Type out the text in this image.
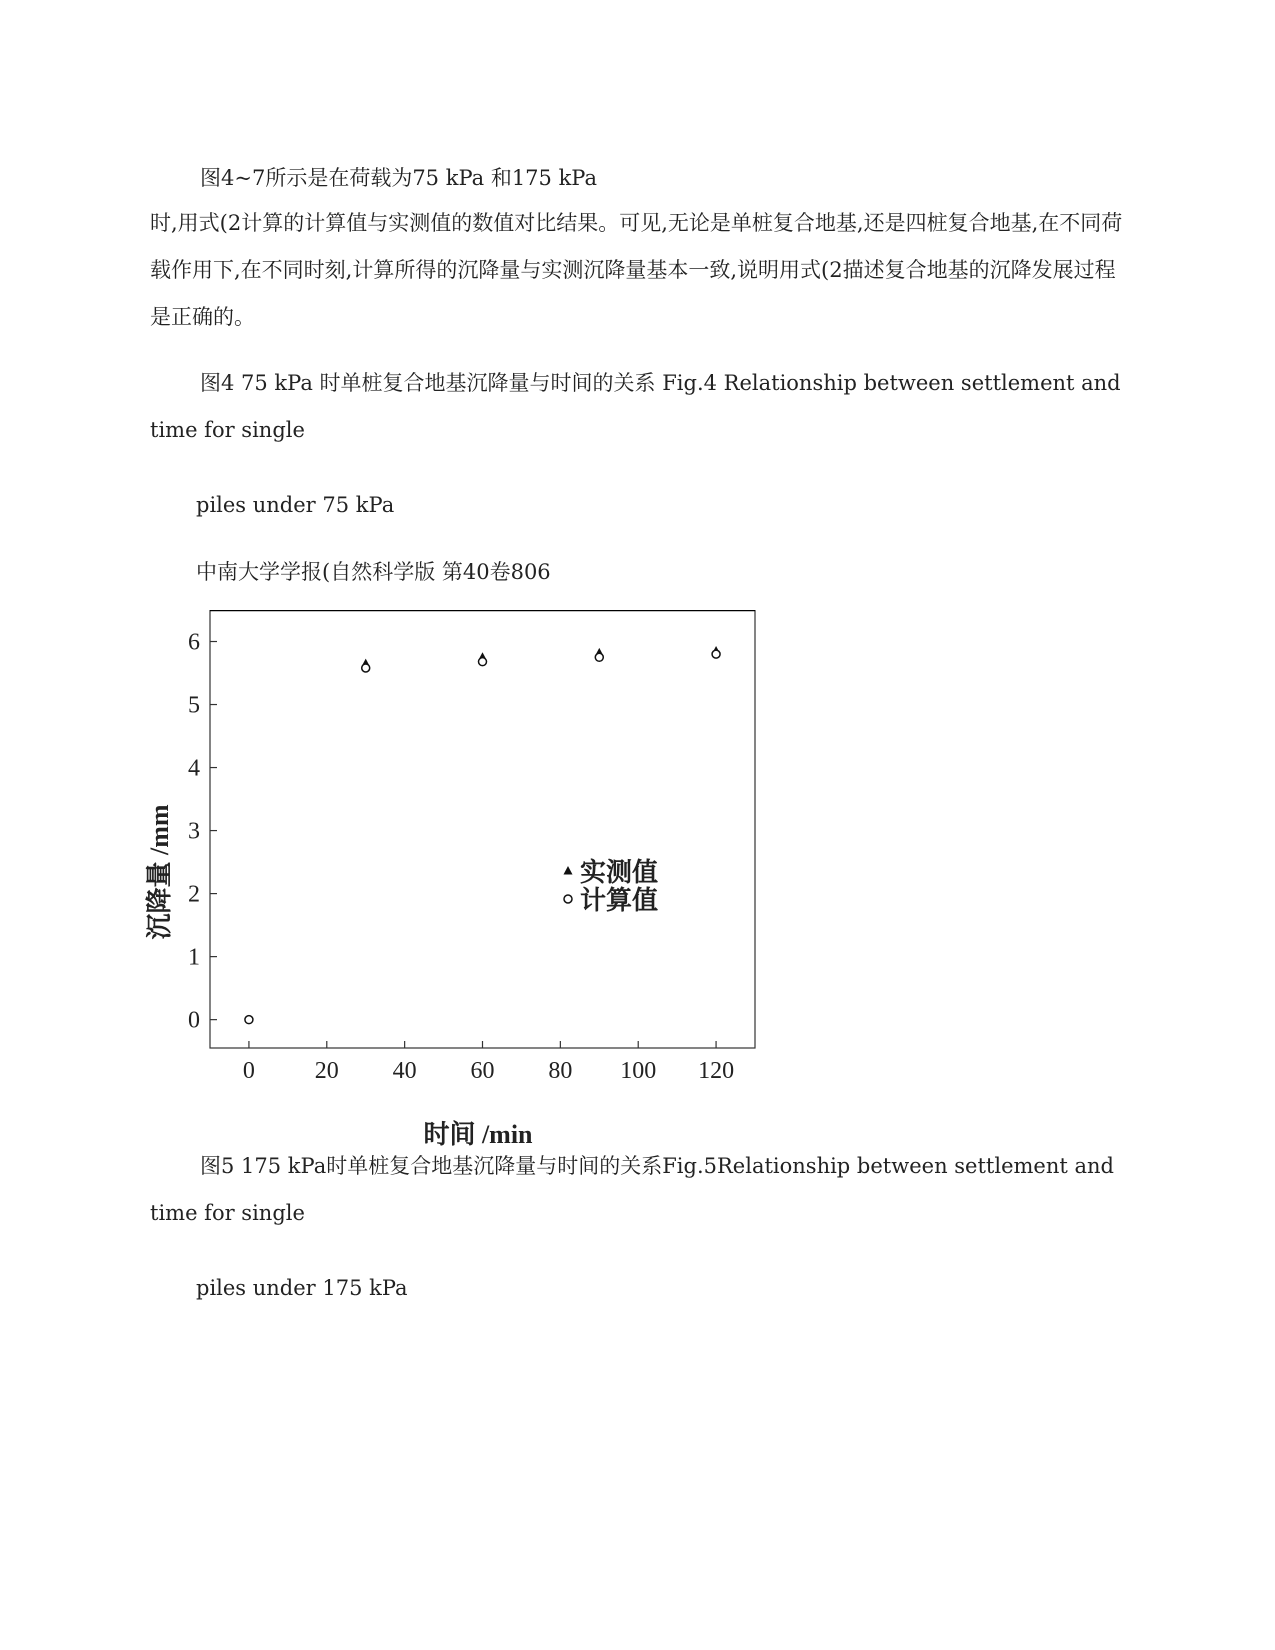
图4~7所示是在荷载为75 kPa 和175 kPa

时,用式(2计算的计算值与实测值的数值对比结果。可见,无论是单桩复合地基,还是四桩复合地基,在不同荷载作用下,在不同时刻,计算所得的沉降量与实测沉降量基本一致,说明用式(2描述复合地基的沉降发展过程是正确的。

图4 75 kPa 时单桩复合地基沉降量与时间的关系 Fig.4 Relationship between settlement and time for single

piles under 75 kPa
中南大学学报(自然科学版 第40卷806
0 20 40 60 80 100 120
0
1
2
3
4
5
6
实测值
计算值
时间 /min
沉降量 /mm

图5 175 kPa时单桩复合地基沉降量与时间的关系Fig.5Relationship between settlement and time for single

piles under 175 kPa
